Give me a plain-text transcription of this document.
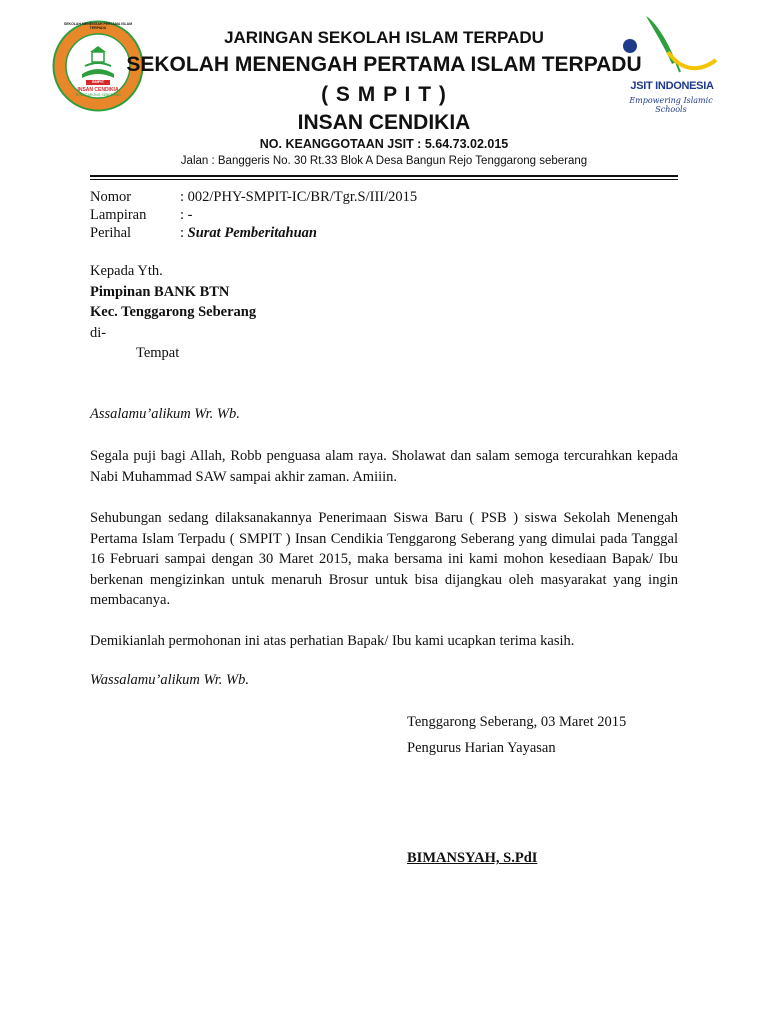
INSAN CENDIKIA
TENGGARONG SEBERANG
SMPIT
SEKOLAH MENENGAH PERTAMA ISLAM TERPADU
JSIT INDONESIA
Empowering Islamic Schools
JARINGAN SEKOLAH ISLAM TERPADU
SEKOLAH MENENGAH PERTAMA ISLAM TERPADU
( S M P I T )
INSAN CENDIKIA
NO. KEANGGOTAAN JSIT : 5.64.73.02.015
Jalan : Banggeris No. 30 Rt.33 Blok A Desa Bangun Rejo Tenggarong seberang
Nomor	: 002/PHY-SMPIT-IC/BR/Tgr.S/III/2015
Lampiran : -
Perihal	: Surat Pemberitahuan
Kepada Yth.
Pimpinan BANK BTN
Kec. Tenggarong Seberang
di-
Tempat
Assalamu’alikum Wr. Wb.
Segala puji bagi Allah, Robb penguasa alam raya. Sholawat dan salam semoga tercurahkan kepada Nabi Muhammad SAW sampai akhir zaman. Amiiin.
Sehubungan sedang dilaksanakannya Penerimaan Siswa Baru ( PSB ) siswa Sekolah Menengah Pertama Islam Terpadu ( SMPIT ) Insan Cendikia Tenggarong Seberang yang dimulai pada Tanggal 16 Februari sampai dengan 30 Maret 2015, maka bersama ini kami mohon kesediaan Bapak/ Ibu berkenan mengizinkan untuk menaruh Brosur untuk bisa dijangkau oleh masyarakat yang ingin membacanya.
Demikianlah permohonan ini atas perhatian Bapak/ Ibu kami ucapkan terima kasih.
Wassalamu’alikum Wr. Wb.
Tenggarong Seberang, 03 Maret 2015
Pengurus Harian Yayasan
BIMANSYAH, S.PdI
